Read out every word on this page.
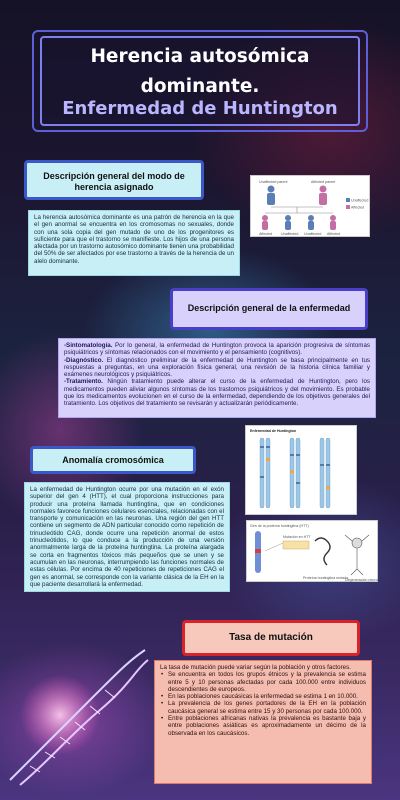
Herencia autosómica
dominante.
Enfermedad de Huntington
Descripción general del modo de herencia asignado
La herencia autosómica dominante es una patrón de herencia en la que el gen anormal se encuentra en los cromosomas no sexuales, donde con una sola copia del gen mutado de uno de los progenitores es suficiente para que el trastorno se manifieste. Los hijos de una persona afectada por un trastorno autosómico dominante tienen una probabilidad del 50% de ser afectados por ese trastorno a través de la herencia de un alelo dominante.
Unaffected parent	Affected parent
Affected Unaffected Unaffected Affected
Unaffected
Affected
Descripción general de la enfermedad

-Sintomatología. Por lo general, la enfermedad de Huntington provoca la aparición progresiva de síntomas psiquiátricos y síntomas relacionados con el movimiento y el pensamiento (cognitivos).

-Diagnóstico. El diagnóstico preliminar de la enfermedad de Huntington se basa principalmente en tus respuestas a preguntas, en una exploración física general, una revisión de la historia clínica familiar y exámenes neurológicos y psiquiátricos.

-Tratamiento. Ningún tratamiento puede alterar el curso de la enfermedad de Huntington, pero los medicamentos pueden aliviar algunos síntomas de los trastornos psiquiátricos y del movimiento. Es probable que los medicamentos evolucionen en el curso de la enfermedad, dependiendo de los objetivos generales del tratamiento. Los objetivos del tratamiento se revisarán y actualizarán periódicamente.

Anomalía cromosómica
La enfermedad de Huntington ocurre por una mutación en el exón superior del gen 4 (HTT), el cual proporciona instrucciones para producir una proteína llamada huntingtina, que en condiciones normales favorece funciones celulares esenciales, relacionadas con el transporte y comunicación en las neuronas. Una región del gen HTT contiene un segmento de ADN particular conocido como repetición de trinucleótido CAG, donde ocurre una repetición anormal de estos trinucleótidos, lo que conduce a la producción de una versión anormalmente larga de la proteína huntingtina. La proteína alargada se corta en fragmentos tóxicos más pequeños que se unen y se acumulan en las neuronas, interrumpiendo las funciones normales de estas células. Por encima de 40 repeticiones de repeticiones CAG el gen es anormal, se corresponde con la variante clásica de la EH en la que paciente desarrollará la enfermedad.
Enfermedad de Huntington
Gen de la proteína huntingtina (HTT)
Mutación en HTT
Proteína huntingtina mutada
Degeneración neuronal
Tasa de mutación

La tasa de mutación puede variar según la población y otros factores.

• Se encuentra en todos los grupos étnicos y la prevalencia se estima entre 5 y 10 personas afectadas por cada 100.000 entre individuos descendientes de europeos.
• En las poblaciones caucásicas la enfermedad se estima 1 en 10.000.
• La prevalencia de los genes portadores de la EH en la población caucásica general se estima entre 15 y 30 personas por cada 100.000.
• Entre poblaciones africanas nativas la prevalencia es bastante baja y entre poblaciones asiáticas es aproximadamente un décimo de la observada en los caucásicos.
